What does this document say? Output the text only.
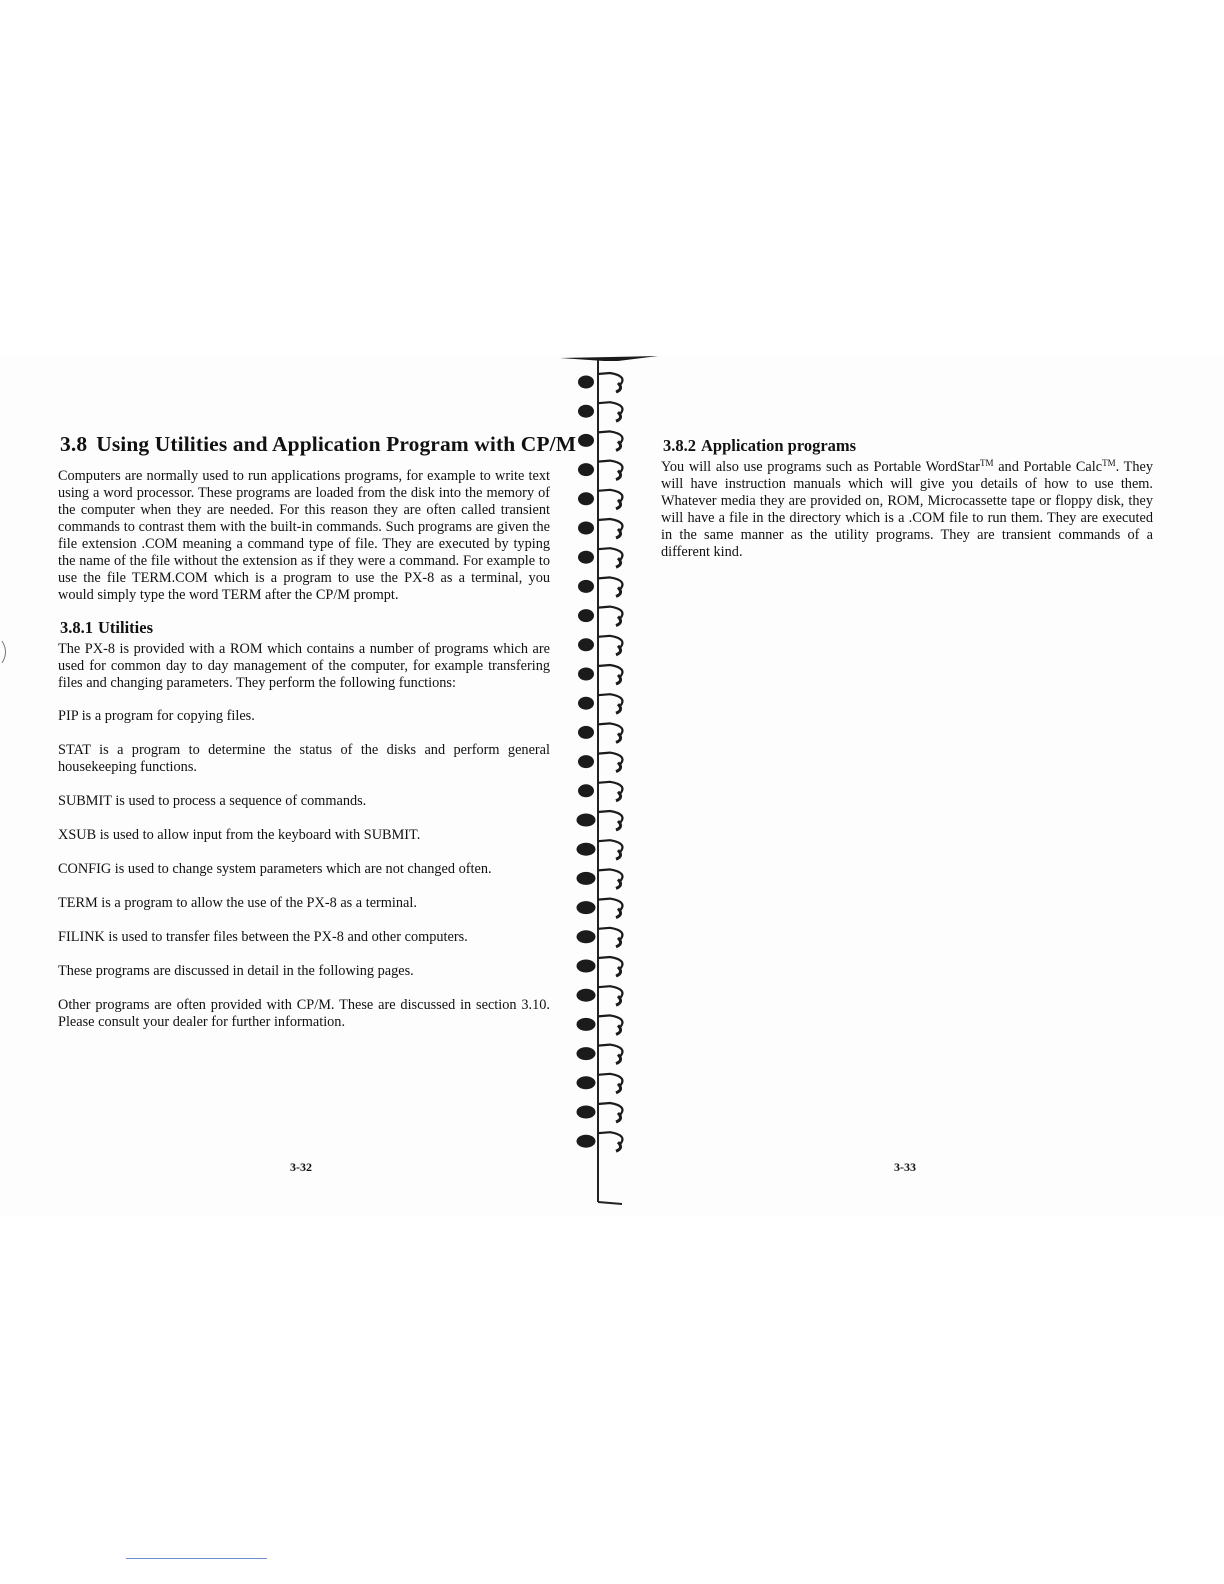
3.8 Using Utilities and Application Program with CP/M

Computers are normally used to run applications programs, for example to write text using a word processor. These programs are loaded from the disk into the memory of the computer when they are needed. For this reason they are often called transient commands to contrast them with the built-in commands. Such programs are given the file extension .COM meaning a command type of file. They are executed by typing the name of the file without the extension as if they were a command. For example to use the file TERM.COM which is a program to use the PX-8 as a terminal, you would simply type the word TERM after the CP/M prompt.

3.8.1 Utilities

The PX-8 is provided with a ROM which contains a number of programs which are used for common day to day management of the computer, for example transfering files and changing parameters. They perform the following functions:

PIP is a program for copying files.

STAT is a program to determine the status of the disks and perform general housekeeping functions.

SUBMIT is used to process a sequence of commands.

XSUB is used to allow input from the keyboard with SUBMIT.

CONFIG is used to change system parameters which are not changed often.

TERM is a program to allow the use of the PX-8 as a terminal.

FILINK is used to transfer files between the PX-8 and other computers.

These programs are discussed in detail in the following pages.

Other programs are often provided with CP/M. These are discussed in section 3.10. Please consult your dealer for further information.

3-32
3.8.2 Application programs

You will also use programs such as Portable WordStar™ and Portable Calc™. They will have instruction manuals which will give you details of how to use them. Whatever media they are provided on, ROM, Microcassette tape or floppy disk, they will have a file in the directory which is a .COM file to run them. They are executed in the same manner as the utility programs. They are transient commands of a different kind.

3-33
